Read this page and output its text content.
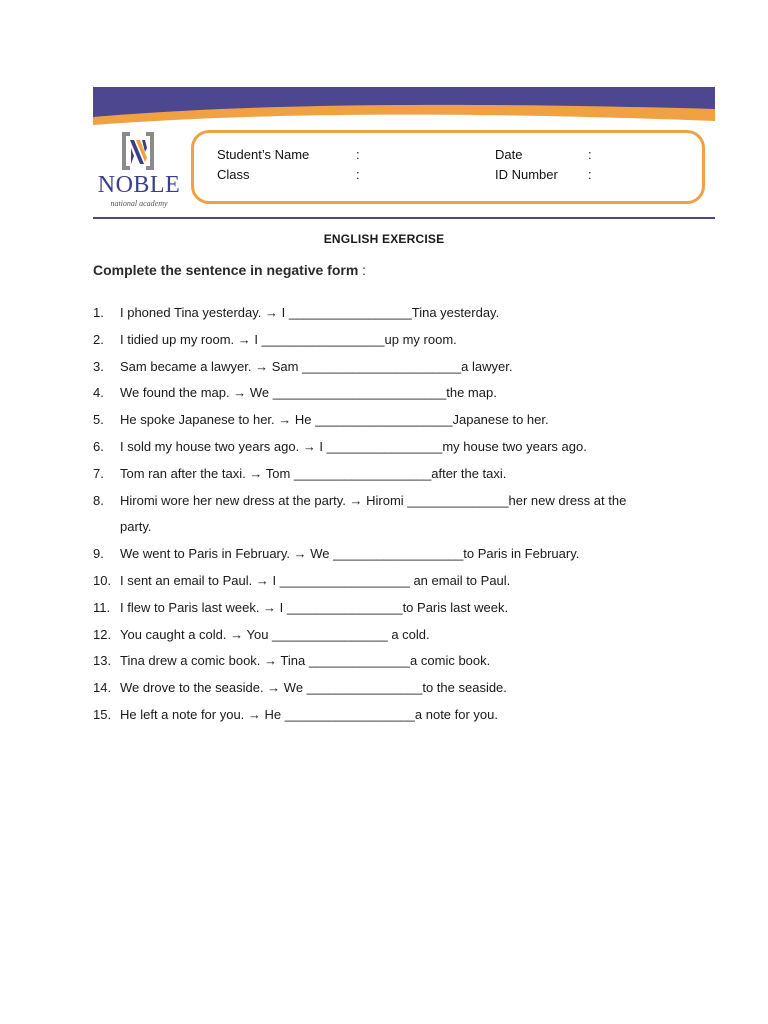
NOBLE
national academy
Student’s Name	:
Class	:
Date	:
ID Number :
ENGLISH EXERCISE
Complete the sentence in negative form :
1. I phoned Tina yesterday. → I _________________Tina yesterday.
2. I tidied up my room. → I _________________up my room.
3. Sam became a lawyer. → Sam ______________________a lawyer.
4. We found the map. → We ________________________the map.
5. He spoke Japanese to her. → He ___________________Japanese to her.
6. I sold my house two years ago. → I ________________my house two years ago.
7. Tom ran after the taxi. → Tom ___________________after the taxi.
8. Hiromi wore her new dress at the party. → Hiromi ______________her new dress at the
party.
9. We went to Paris in February. → We __________________to Paris in February.
10. I sent an email to Paul. → I __________________ an email to Paul.
11. I flew to Paris last week. → I ________________to Paris last week.
12. You caught a cold. → You ________________ a cold.
13. Tina drew a comic book. → Tina ______________a comic book.
14. We drove to the seaside. → We ________________to the seaside.
15. He left a note for you. → He __________________a note for you.
